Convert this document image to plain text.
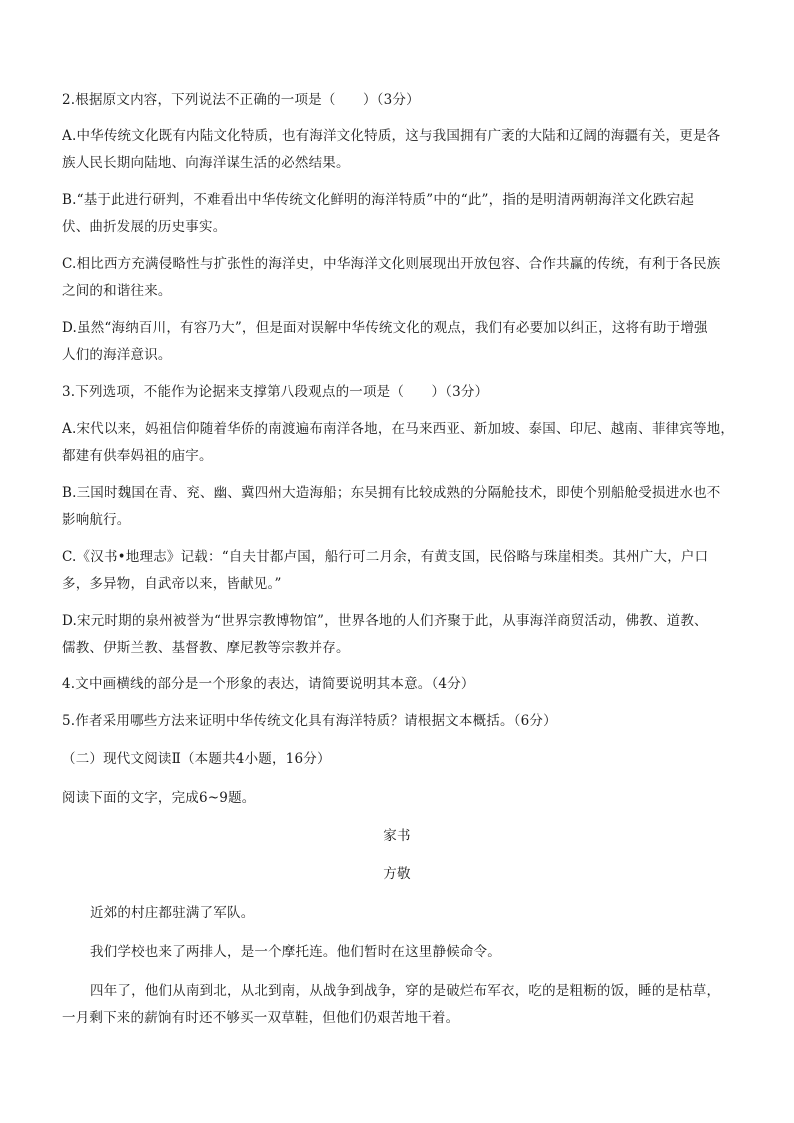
2.根据原文内容，下列说法不正确的一项是（　　）（3分）
A.中华传统文化既有内陆文化特质，也有海洋文化特质，这与我国拥有广袤的大陆和辽阔的海疆有关，更是各
族人民长期向陆地、向海洋谋生活的必然结果。
B.“基于此进行研判，不难看出中华传统文化鲜明的海洋特质”中的“此”，指的是明清两朝海洋文化跌宕起
伏、曲折发展的历史事实。
C.相比西方充满侵略性与扩张性的海洋史，中华海洋文化则展现出开放包容、合作共赢的传统，有利于各民族
之间的和谐往来。
D.虽然“海纳百川，有容乃大”，但是面对误解中华传统文化的观点，我们有必要加以纠正，这将有助于增强
人们的海洋意识。
3.下列选项，不能作为论据来支撑第八段观点的一项是（　　）（3分）
A.宋代以来，妈祖信仰随着华侨的南渡遍布南洋各地，在马来西亚、新加坡、泰国、印尼、越南、菲律宾等地，
都建有供奉妈祖的庙宇。
B.三国时魏国在青、兖、幽、冀四州大造海船；东吴拥有比较成熟的分隔舱技术，即使个别船舱受损进水也不
影响航行。
C.《汉书•地理志》记载：“自夫甘都卢国，船行可二月余，有黄支国，民俗略与珠崖相类。其州广大，户口
多，多异物，自武帝以来，皆献见。”
D.宋元时期的泉州被誉为“世界宗教博物馆”，世界各地的人们齐聚于此，从事海洋商贸活动，佛教、道教、
儒教、伊斯兰教、基督教、摩尼教等宗教并存。
4.文中画横线的部分是一个形象的表达，请简要说明其本意。（4分）
5.作者采用哪些方法来证明中华传统文化具有海洋特质？请根据文本概括。（6分）
（二）现代文阅读Ⅱ（本题共4小题，16分）
阅读下面的文字，完成6~9题。
家书
方敬
近郊的村庄都驻满了军队。
我们学校也来了两排人，是一个摩托连。他们暂时在这里静候命令。
四年了，他们从南到北，从北到南，从战争到战争，穿的是破烂布军衣，吃的是粗粝的饭，睡的是枯草，
一月剩下来的薪饷有时还不够买一双草鞋，但他们仍艰苦地干着。
